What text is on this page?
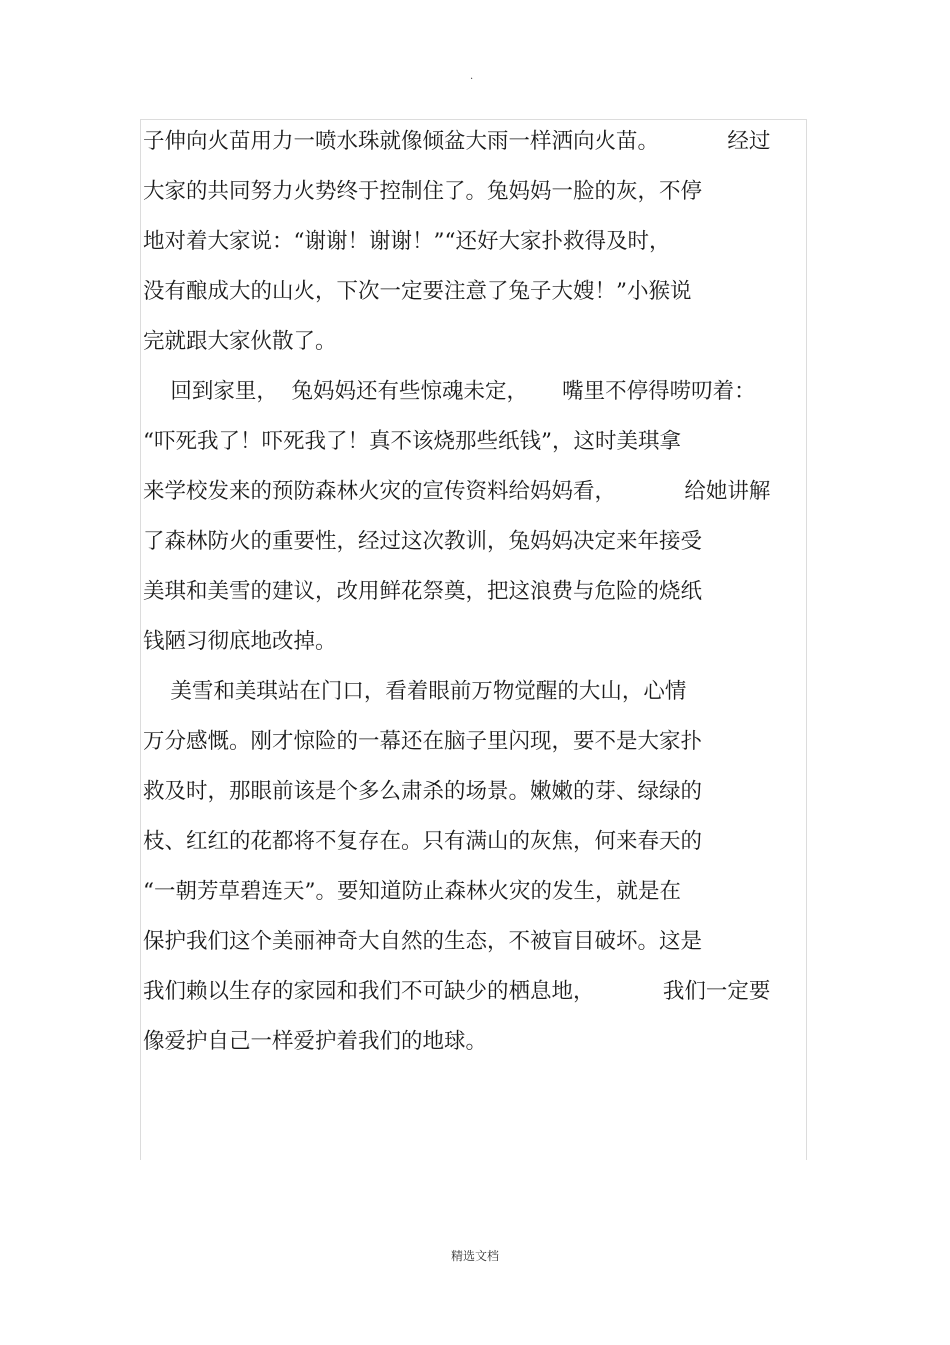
.
子伸向火苗用力一喷水珠就像倾盆大雨一样洒向火苗。          经过
大家的共同努力火势终于控制住了。兔妈妈一脸的灰，不停
地对着大家说：“谢谢！谢谢！”“还好大家扑救得及时，
没有酿成大的山火，下次一定要注意了兔子大嫂！”小猴说
完就跟大家伙散了。
回到家里，  兔妈妈还有些惊魂未定，     嘴里不停得唠叨着：
“吓死我了！吓死我了！真不该烧那些纸钱”，这时美琪拿
来学校发来的预防森林火灾的宣传资料给妈妈看，          给她讲解
了森林防火的重要性，经过这次教训，兔妈妈决定来年接受
美琪和美雪的建议，改用鲜花祭奠，把这浪费与危险的烧纸
钱陋习彻底地改掉。
美雪和美琪站在门口，看着眼前万物觉醒的大山，心情
万分感慨。刚才惊险的一幕还在脑子里闪现，要不是大家扑
救及时，那眼前该是个多么肃杀的场景。嫩嫩的芽、绿绿的
枝、红红的花都将不复存在。只有满山的灰焦，何来春天的
“一朝芳草碧连天”。要知道防止森林火灾的发生，就是在
保护我们这个美丽神奇大自然的生态，不被盲目破坏。这是
我们赖以生存的家园和我们不可缺少的栖息地，          我们一定要
像爱护自己一样爱护着我们的地球。
精选文档
